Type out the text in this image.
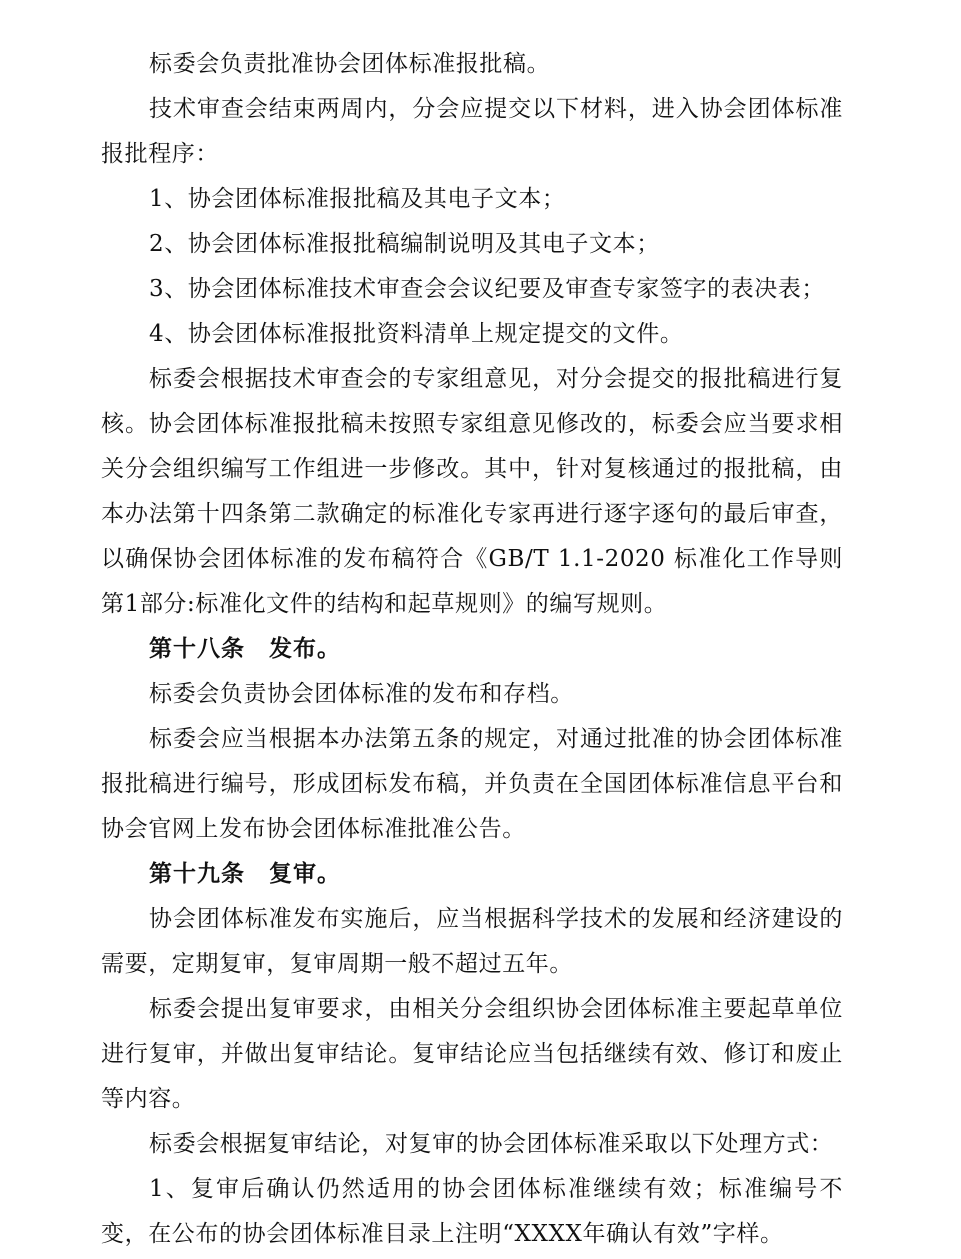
标委会负责批准协会团体标准报批稿。

技术审查会结束两周内，分会应提交以下材料，进入协会团体标准报批程序：

1、协会团体标准报批稿及其电子文本；

2、协会团体标准报批稿编制说明及其电子文本；

3、协会团体标准技术审查会会议纪要及审查专家签字的表决表；

4、协会团体标准报批资料清单上规定提交的文件。

标委会根据技术审查会的专家组意见，对分会提交的报批稿进行复核。协会团体标准报批稿未按照专家组意见修改的，标委会应当要求相关分会组织编写工作组进一步修改。其中，针对复核通过的报批稿，由本办法第十四条第二款确定的标准化专家再进行逐字逐句的最后审查，以确保协会团体标准的发布稿符合《GB/T 1.1-2020 标准化工作导则 第1部分:标准化文件的结构和起草规则》的编写规则。

第十八条　发布。

标委会负责协会团体标准的发布和存档。

标委会应当根据本办法第五条的规定，对通过批准的协会团体标准报批稿进行编号，形成团标发布稿，并负责在全国团体标准信息平台和协会官网上发布协会团体标准批准公告。

第十九条　复审。

协会团体标准发布实施后，应当根据科学技术的发展和经济建设的需要，定期复审，复审周期一般不超过五年。

标委会提出复审要求，由相关分会组织协会团体标准主要起草单位进行复审，并做出复审结论。复审结论应当包括继续有效、修订和废止等内容。

标委会根据复审结论，对复审的协会团体标准采取以下处理方式：

1、复审后确认仍然适用的协会团体标准继续有效；标准编号不变，在公布的协会团体标准目录上注明“XXXX年确认有效”字样。
